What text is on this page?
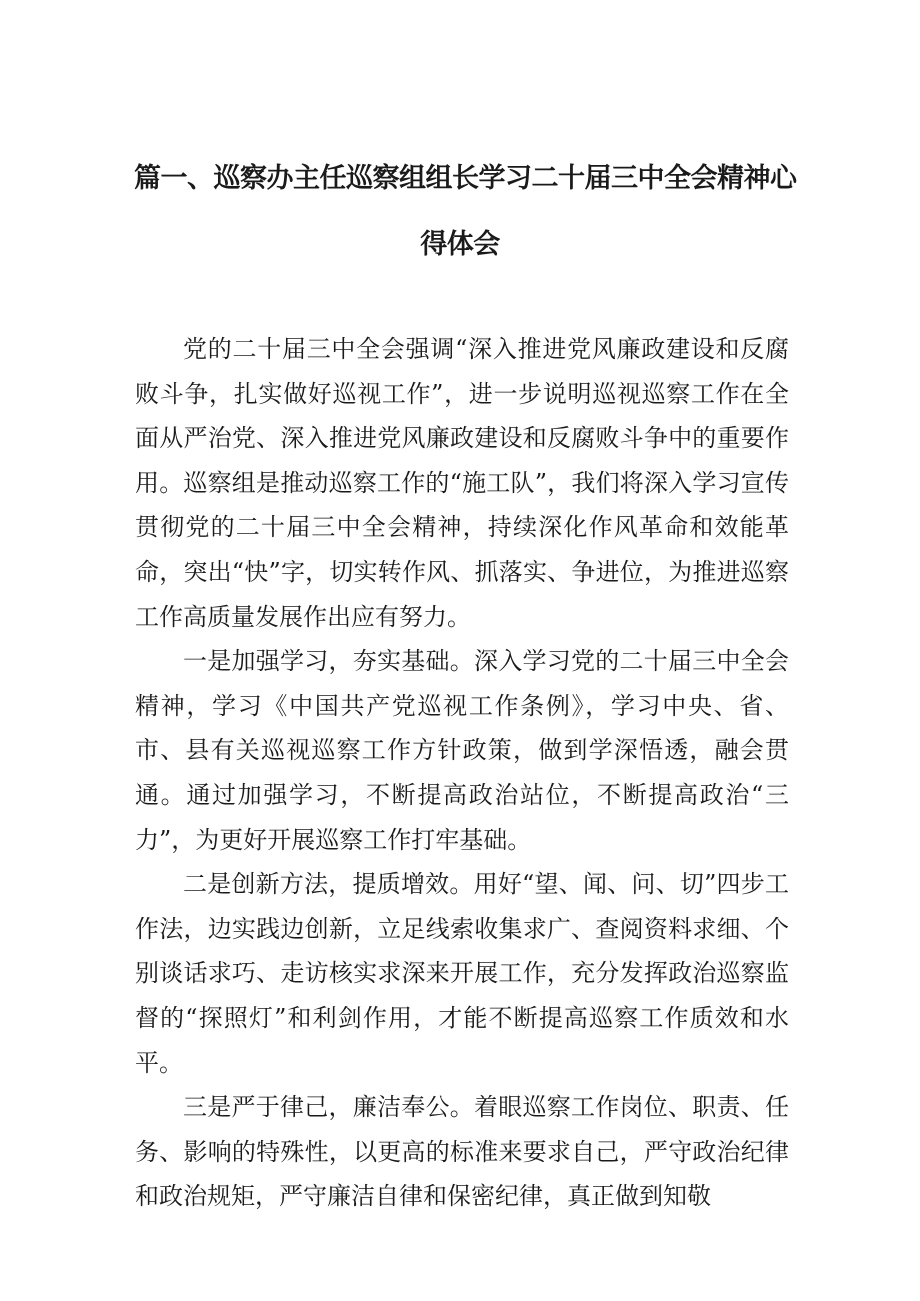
篇一、巡察办主任巡察组组长学习二十届三中全会精神心
得体会

党的二十届三中全会强调“深入推进党风廉政建设和反腐败斗争，扎实做好巡视工作”，进一步说明巡视巡察工作在全面从严治党、深入推进党风廉政建设和反腐败斗争中的重要作用。巡察组是推动巡察工作的“施工队”，我们将深入学习宣传贯彻党的二十届三中全会精神，持续深化作风革命和效能革命，突出“快”字，切实转作风、抓落实、争进位，为推进巡察工作高质量发展作出应有努力。

一是加强学习，夯实基础。深入学习党的二十届三中全会精神，学习《中国共产党巡视工作条例》，学习中央、省、市、县有关巡视巡察工作方针政策，做到学深悟透，融会贯通。通过加强学习，不断提高政治站位，不断提高政治“三力”，为更好开展巡察工作打牢基础。

二是创新方法，提质增效。用好“望、闻、问、切”四步工作法，边实践边创新，立足线索收集求广、查阅资料求细、个别谈话求巧、走访核实求深来开展工作，充分发挥政治巡察监督的“探照灯”和利剑作用，才能不断提高巡察工作质效和水平。

三是严于律己，廉洁奉公。着眼巡察工作岗位、职责、任务、影响的特殊性，以更高的标准来要求自己，严守政治纪律和政治规矩，严守廉洁自律和保密纪律，真正做到知敬
